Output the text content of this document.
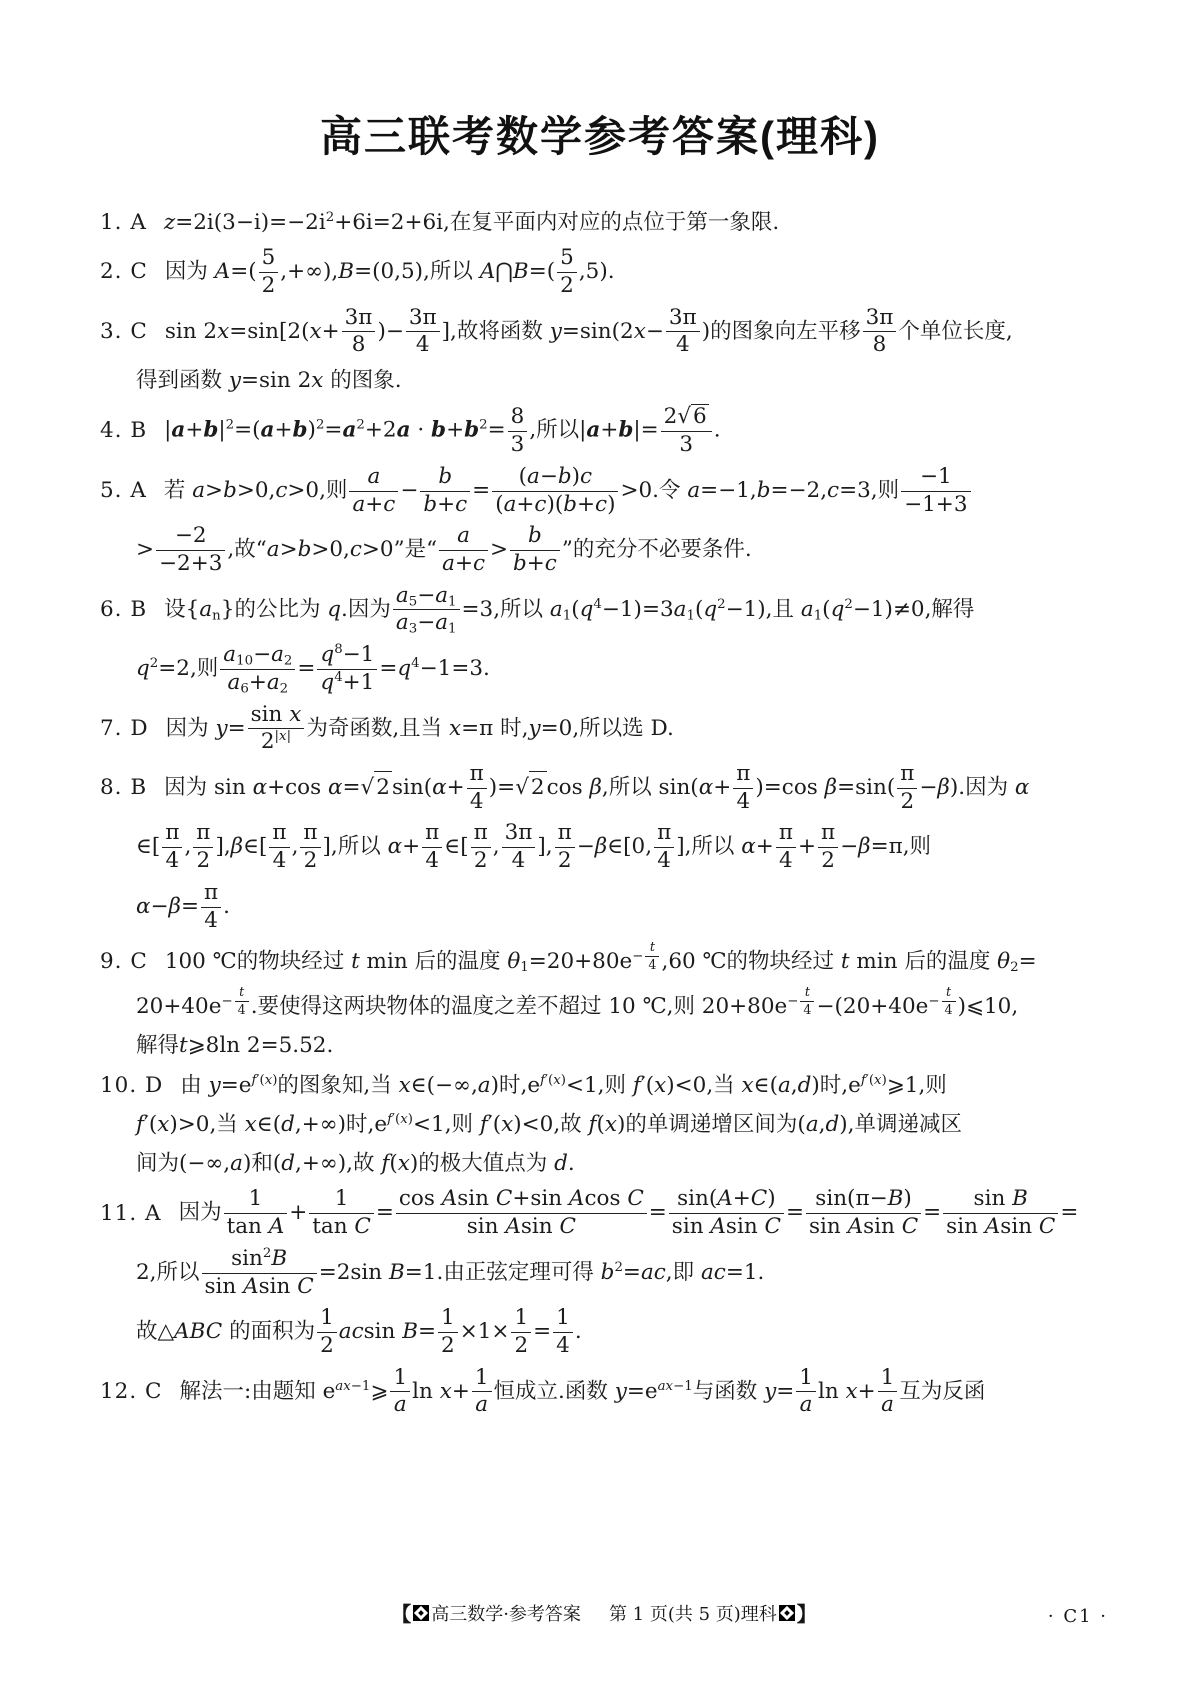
高三联考数学参考答案(理科)
1. A $z=2i(3-i)=-2i^2+6i=2+6i$,在复平面内对应的点位于第一象限.
2. C 因为 $A=( \frac{5}{2} ,+\infty),B=(0,5)$,所以 A⋂B=( $\frac{5}{2} ,5$).
3. C $\sin 2x=\sin[2(x+ \frac{3\pi}{8}$ )− $\frac{3\pi}{4}$ ],故将函数 $y=\sin(2x- \frac{3\pi}{4}$ )的图象向左平移 $\frac{3\pi}{8}$ 个单位长度,
得到函数 y=sin 2x 的图象.
4. B $|a+b|^2=(a+b)^2=a^2+2a \cdot b+b^2= \frac{8}{3}$ ,所以$|a+b|= \frac{2√6}{3}$ .
5. A 若 a>b>0,c>0,则 $\frac{a}{a+c} - \frac{b}{b+c} = \frac{(a-b)c}{(a+c)(b+c)} >0$.令 a=−1,b=−2,c=3,则 $\frac{-1}{-1+3}$
> $\frac{-2}{-2+3}$ ,故“a>b>0,c>0”是“ $\frac{a}{a+c} > \frac{b}{b+c}$ ”的充分不必要条件.
6. B 设$\{a_n\}$的公比为 q.因为 $\frac{a_5-a_1}{a_3-a_1} =3$,所以 $a_1(q^4-1)=3a_1(q^2-1)$,且 $a_1(q^2-1)\ne 0$,解得
$q^2=2$,则 $\frac{a_{10}-a_2}{a_6+a_2} = \frac{q^8-1}{q^4+1} =q^4-1=3$.
7. D 因为 $y= \frac{\text{sin x}}{2^{|x|}}$ 为奇函数,且当 x=π 时,y=0,所以选 D.
8. B 因为 sin α+cos $\alpha=√2\sin(\alpha+ \frac{\pi}{4} )=√2\cos$ β,所以 $\sin(\alpha+ \frac{\pi}{4} )=\cos$ $\beta=\sin( \frac{\pi}{2} -\beta)$.因为 α
∈[ $\frac{\pi}{4}$ , $\frac{\pi}{2}$ ],β∈[ $\frac{\pi}{4}$ , $\frac{\pi}{2}$ ],所以 $\alpha+ \frac{\pi}{4}$ ∈[ $\frac{\pi}{2}$ , $\frac{3\pi}{4}$ ], $\frac{\pi}{2}$ −β∈[0, $\frac{\pi}{4}$ ],所以 $\alpha+ \frac{\pi}{4} + \frac{\pi}{2} -\beta=\pi$,则
$\alpha-\beta= \frac{\pi}{4}$ .
9. C 100 ℃的物块经过 t min 后的温度 $\theta_1=20+80e^{- \frac{t}{4}}$ ,60 ℃的物块经过 t min 后的温度 $\theta_2=$
$20+40e^{- \frac{t}{4}}$ .要使得这两块物体的温度之差不超过 10 ℃,则 $20+80e^{- \frac{t}{4}} -(20+40e^{- \frac{t}{4}}$ )⩽10,
解得t⩾8ln 2=5.52.
10. D 由 $y=e^{f'(x)}$的图象知,当 x∈(−∞,a)时$,e^{f'(x)}<1$,则 f′(x)<0,当 x∈(a,d)时$,e^{f'(x)}⩾1$,则
f′(x)>0,当 x∈(d,+∞)时$,e^{f'(x)}<1$,则 f′(x)<0,故 f(x)的单调递增区间为(a,d),单调递减区
间为(−∞,a)和(d,+∞),故 f(x)的极大值点为 d.
11. A 因为 $\frac{1}{\text{tan A}} + \frac{1}{\text{tan C}} = \frac{\text{cos Asin C+sin Acos C}}{\text{sin Asin C}} = \frac{\sin(A+C)}{\text{sin Asin C}} = \frac{\sin(\pi-B)}{\text{sin Asin C}} = \frac{\text{sin B}}{\text{sin Asin C}}$ =
2,所以 $\frac{\sin^2B}{\text{sin Asin C}} =2\sin$ B=1.由正弦定理可得 $b^2=ac$,即 ac=1.
故△ABC 的面积为 $\frac{1}{2}$ acsin $B= \frac{1}{2} \times 1\times \frac{1}{2} = \frac{1}{4}$ .
12. C 解法一:由题知 $e^{ax-1}⩾ \frac{1}{a}$ $\ln x+ \frac{1}{a}$ 恒成立.函数 $y=e^{ax-1}$与函数 $y= \frac{1}{a}$ $\ln x+ \frac{1}{a}$ 互为反函
【 高三数学·参考答案 第 1 页(共 5 页)理科 】	· C1 ·
